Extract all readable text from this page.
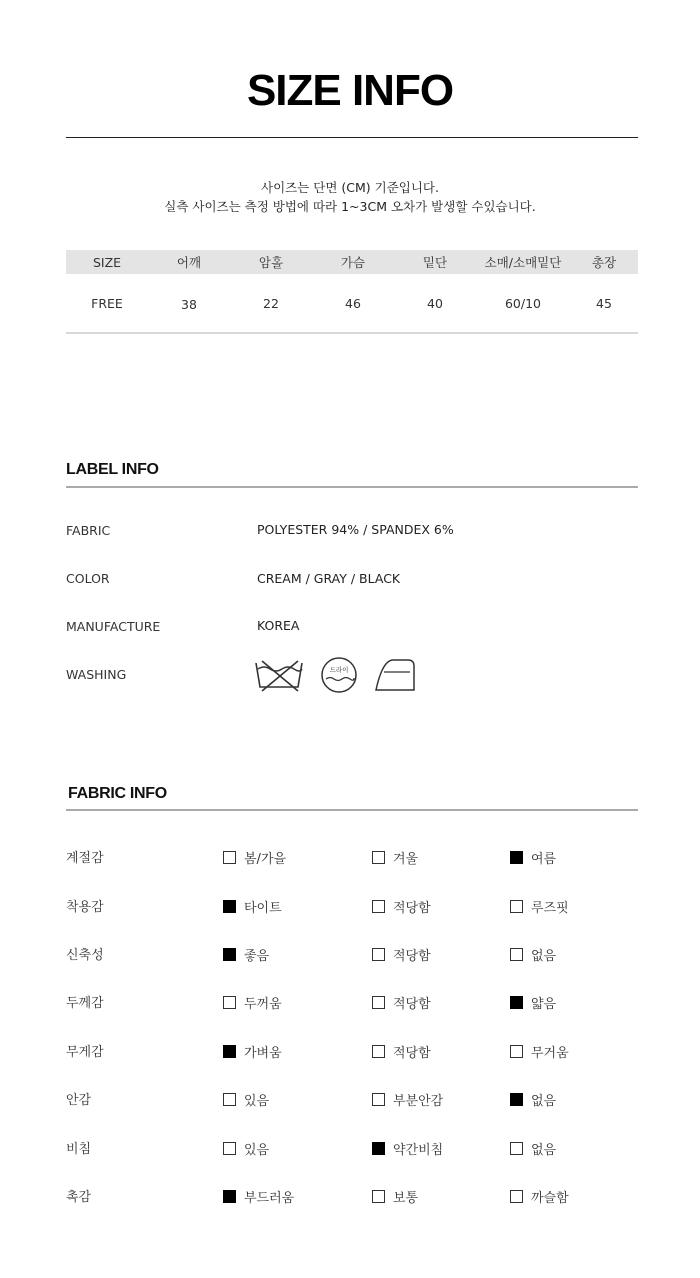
SIZE INFO
사이즈는 단면 (CM) 기준입니다.
실측 사이즈는 측정 방법에 따라 1~3CM 오차가 발생할 수있습니다.
SIZE	어깨	암홀	가슴	밑단	소매/소매밑단	총장
FREE	38	22	46	40	60/10	45
LABEL INFO
FABRIC	POLYESTER 94% / SPANDEX 6%
COLOR	CREAM / GRAY / BLACK
MANUFACTURE	KOREA
WASHING	드라이
FABRIC INFO
계절감	봄/가을	겨울	여름
착용감	타이트	적당함	루즈핏
신축성	좋음	적당함	없음
두께감	두꺼움	적당함	얇음
무게감	가벼움	적당함	무거움
안감	있음	부분안감	없음
비침	있음	약간비침	없음
촉감	부드러움	보통	까슬함
